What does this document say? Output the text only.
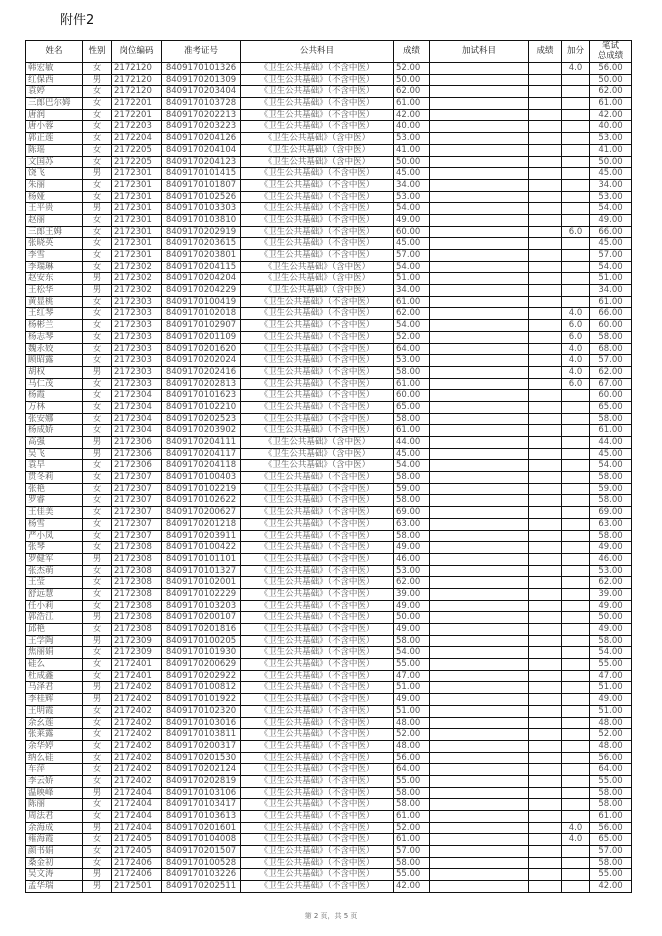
附件2
姓名	性别	岗位编码	准考证号	公共科目	成绩	加试科目	成绩	加分	笔试
总成绩
韩宏敏	女	2172120	8409170101326	《卫生公共基础》（不含中医）	52.00			4.0	56.00
红保西	男	2172120	8409170201309	《卫生公共基础》（不含中医）	50.00				50.00
袁婷	女	2172120	8409170203404	《卫生公共基础》（不含中医）	62.00				62.00
三郎巴尔姆	女	2172201	8409170103728	《卫生公共基础》（不含中医）	61.00				61.00
唐润	女	2172201	8409170202213	《卫生公共基础》（不含中医）	42.00				42.00
唐小蓉	女	2172203	8409170203223	《卫生公共基础》（不含中医）	40.00				40.00
郭正莲	女	2172204	8409170204126	《卫生公共基础》（含中医）	53.00				53.00
陈瑶	女	2172205	8409170204104	《卫生公共基础》（含中医）	41.00				41.00
文国苏	女	2172205	8409170204123	《卫生公共基础》（含中医）	50.00				50.00
饶飞	男	2172301	8409170101415	《卫生公共基础》（不含中医）	45.00				45.00
朱丽	女	2172301	8409170101807	《卫生公共基础》（不含中医）	34.00				34.00
杨娅	女	2172301	8409170102526	《卫生公共基础》（不含中医）	53.00				53.00
王平贵	男	2172301	8409170103303	《卫生公共基础》（不含中医）	54.00				54.00
赵丽	女	2172301	8409170103810	《卫生公共基础》（不含中医）	49.00				49.00
三郎王姆	女	2172301	8409170202919	《卫生公共基础》（不含中医）	60.00			6.0	66.00
张晓英	女	2172301	8409170203615	《卫生公共基础》（不含中医）	45.00				45.00
李雪	女	2172301	8409170203801	《卫生公共基础》（不含中医）	57.00				57.00
李瑞琳	女	2172302	8409170204115	《卫生公共基础》（含中医）	54.00				54.00
赵安东	男	2172302	8409170204204	《卫生公共基础》（含中医）	51.00				51.00
王松华	男	2172302	8409170204229	《卫生公共基础》（含中医）	34.00				34.00
黄显桃	女	2172303	8409170100419	《卫生公共基础》（不含中医）	61.00				61.00
王红琴	女	2172303	8409170102018	《卫生公共基础》（不含中医）	62.00			4.0	66.00
杨彬兰	女	2172303	8409170102907	《卫生公共基础》（不含中医）	54.00			6.0	60.00
杨志琴	女	2172303	8409170201109	《卫生公共基础》（不含中医）	52.00			6.0	58.00
魏永姣	女	2172303	8409170201620	《卫生公共基础》（不含中医）	64.00			4.0	68.00
顾昭露	女	2172303	8409170202024	《卫生公共基础》（不含中医）	53.00			4.0	57.00
胡权	男	2172303	8409170202416	《卫生公共基础》（不含中医）	58.00			4.0	62.00
马仁茂	女	2172303	8409170202813	《卫生公共基础》（不含中医）	61.00			6.0	67.00
杨霞	女	2172304	8409170101623	《卫生公共基础》（不含中医）	60.00				60.00
万林	女	2172304	8409170102210	《卫生公共基础》（不含中医）	65.00				65.00
张安娜	女	2172304	8409170202523	《卫生公共基础》（不含中医）	58.00				58.00
杨成娇	女	2172304	8409170203902	《卫生公共基础》（不含中医）	61.00				61.00
高强	男	2172306	8409170204111	《卫生公共基础》（含中医）	44.00				44.00
吴飞	男	2172306	8409170204117	《卫生公共基础》（含中医）	45.00				45.00
袁早	女	2172306	8409170204118	《卫生公共基础》（含中医）	54.00				54.00
贯冬莉	女	2172307	8409170100403	《卫生公共基础》（不含中医）	58.00				58.00
张艳	女	2172307	8409170102219	《卫生公共基础》（不含中医）	59.00				59.00
罗睿	女	2172307	8409170102622	《卫生公共基础》（不含中医）	58.00				58.00
王佳美	女	2172307	8409170200627	《卫生公共基础》（不含中医）	69.00				69.00
杨雪	女	2172307	8409170201218	《卫生公共基础》（不含中医）	63.00				63.00
严小凤	女	2172307	8409170203911	《卫生公共基础》（不含中医）	58.00				58.00
张琴	女	2172308	8409170100422	《卫生公共基础》（不含中医）	49.00				49.00
罗健军	男	2172308	8409170101101	《卫生公共基础》（不含中医）	46.00				46.00
张杰萌	女	2172308	8409170101327	《卫生公共基础》（不含中医）	53.00				53.00
王莹	女	2172308	8409170102001	《卫生公共基础》（不含中医）	62.00				62.00
舒远慧	女	2172308	8409170102229	《卫生公共基础》（不含中医）	39.00				39.00
任小莉	女	2172308	8409170103203	《卫生公共基础》（不含中医）	49.00				49.00
郭浩江	男	2172308	8409170200107	《卫生公共基础》（不含中医）	50.00				50.00
邱艳	女	2172308	8409170201816	《卫生公共基础》（不含中医）	49.00				49.00
王学陶	男	2172309	8409170100205	《卫生公共基础》（不含中医）	58.00				58.00
焦丽娟	女	2172309	8409170101930	《卫生公共基础》（不含中医）	54.00				54.00
硅么	女	2172401	8409170200629	《卫生公共基础》（不含中医）	55.00				55.00
杜成鑫	女	2172401	8409170202922	《卫生公共基础》（不含中医）	47.00				47.00
马泽君	男	2172402	8409170100812	《卫生公共基础》（不含中医）	51.00				51.00
李桂辉	男	2172402	8409170101922	《卫生公共基础》（不含中医）	49.00				49.00
王明霞	女	2172402	8409170102320	《卫生公共基础》（不含中医）	51.00				51.00
余幺莲	女	2172402	8409170103016	《卫生公共基础》（不含中医）	48.00				48.00
张莱露	女	2172402	8409170103811	《卫生公共基础》（不含中医）	52.00				52.00
余华婷	女	2172402	8409170200317	《卫生公共基础》（不含中医）	48.00				48.00
纳么硅	女	2172402	8409170201530	《卫生公共基础》（不含中医）	56.00				56.00
车萍	女	2172402	8409170202124	《卫生公共基础》（不含中医）	64.00				64.00
李云娇	女	2172402	8409170202819	《卫生公共基础》（不含中医）	55.00				55.00
温映峰	男	2172404	8409170103106	《卫生公共基础》（不含中医）	58.00				58.00
陈丽	女	2172404	8409170103417	《卫生公共基础》（不含中医）	58.00				58.00
周法君	女	2172404	8409170103613	《卫生公共基础》（不含中医）	61.00				61.00
余海成	男	2172404	8409170201601	《卫生公共基础》（不含中医）	52.00			4.0	56.00
雍海霞	女	2172405	8409170104008	《卫生公共基础》（不含中医）	61.00			4.0	65.00
颜书娟	女	2172405	8409170201507	《卫生公共基础》（不含中医）	57.00				57.00
桑金初	女	2172406	8409170100528	《卫生公共基础》（不含中医）	58.00				58.00
吴文涛	男	2172406	8409170103226	《卫生公共基础》（不含中医）	55.00				55.00
孟华瑞	男	2172501	8409170202511	《卫生公共基础》（不含中医）	42.00				42.00
第 2 页，共 5 页
